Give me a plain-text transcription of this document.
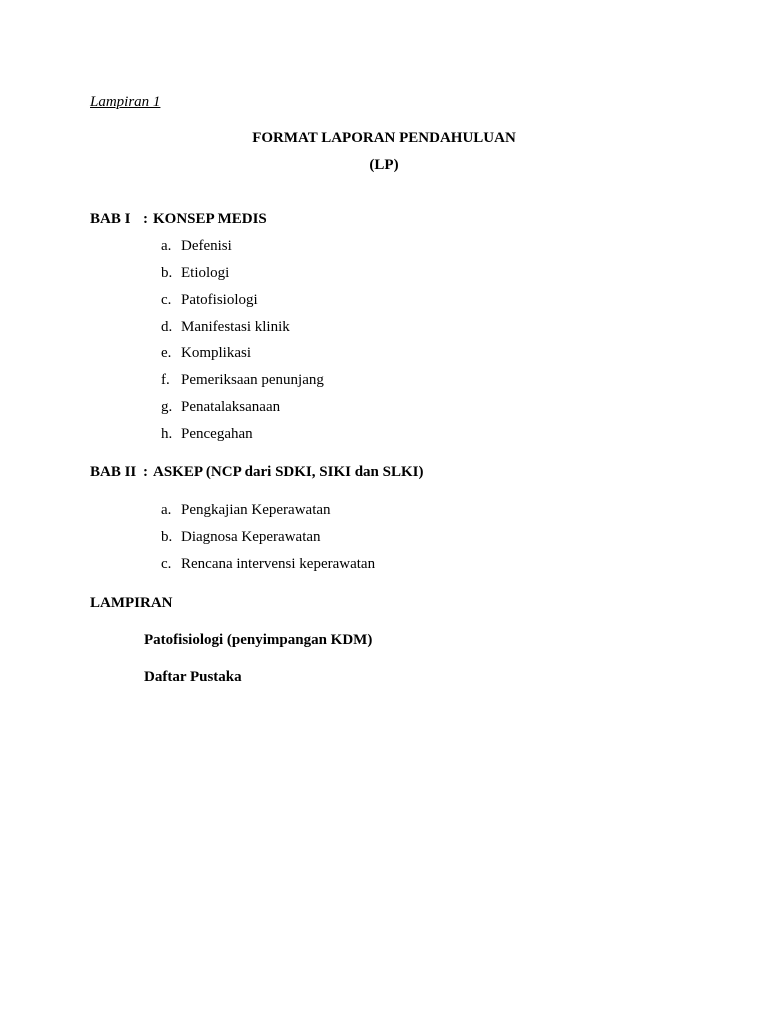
Lampiran 1
FORMAT LAPORAN PENDAHULUAN
(LP)
BAB I : KONSEP MEDIS
a. Defenisi
b. Etiologi
c. Patofisiologi
d. Manifestasi klinik
e. Komplikasi
f. Pemeriksaan penunjang
g. Penatalaksanaan
h. Pencegahan
BAB II : ASKEP (NCP dari SDKI, SIKI dan SLKI)
a. Pengkajian Keperawatan
b. Diagnosa Keperawatan
c. Rencana intervensi keperawatan
LAMPIRAN
Patofisiologi (penyimpangan KDM)
Daftar Pustaka
